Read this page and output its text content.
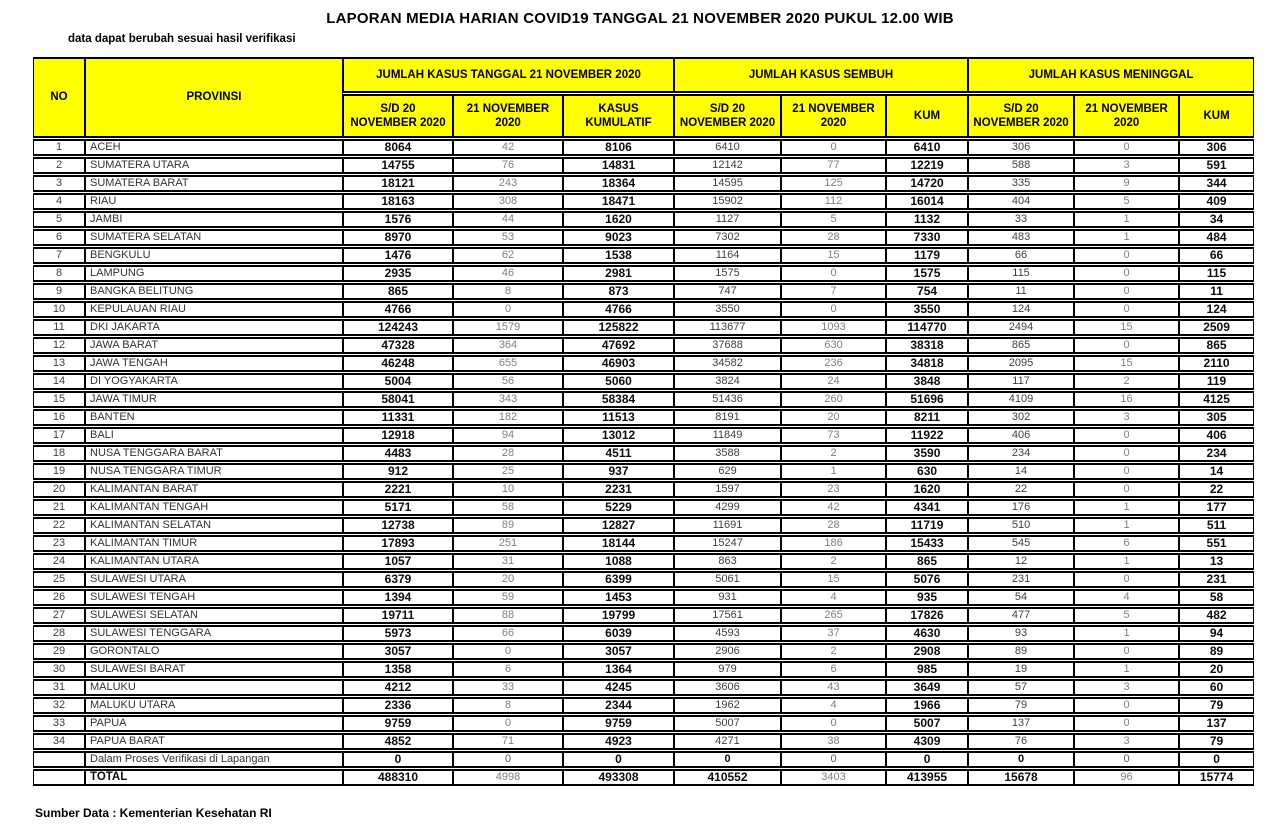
LAPORAN MEDIA HARIAN COVID19 TANGGAL 21 NOVEMBER 2020 PUKUL 12.00 WIB
data dapat berubah sesuai hasil verifikasi
NO	PROVINSI	JUMLAH KASUS TANGGAL 21 NOVEMBER 2020			JUMLAH KASUS SEMBUH			JUMLAH KASUS MENINGGAL		
		S/D 20 NOVEMBER 2020	21 NOVEMBER 2020	KASUS KUMULATIF	S/D 20 NOVEMBER 2020	21 NOVEMBER 2020	KUM	S/D 20 NOVEMBER 2020	21 NOVEMBER 2020	KUM
1	ACEH	8064	42	8106	6410	0	6410	306	0	306
2	SUMATERA UTARA	14755	76	14831	12142	77	12219	588	3	591
3	SUMATERA BARAT	18121	243	18364	14595	125	14720	335	9	344
4	RIAU	18163	308	18471	15902	112	16014	404	5	409
5	JAMBI	1576	44	1620	1127	5	1132	33	1	34
6	SUMATERA SELATAN	8970	53	9023	7302	28	7330	483	1	484
7	BENGKULU	1476	62	1538	1164	15	1179	66	0	66
8	LAMPUNG	2935	46	2981	1575	0	1575	115	0	115
9	BANGKA BELITUNG	865	8	873	747	7	754	11	0	11
10	KEPULAUAN RIAU	4766	0	4766	3550	0	3550	124	0	124
11	DKI JAKARTA	124243	1579	125822	113677	1093	114770	2494	15	2509
12	JAWA BARAT	47328	364	47692	37688	630	38318	865	0	865
13	JAWA TENGAH	46248	655	46903	34582	236	34818	2095	15	2110
14	DI YOGYAKARTA	5004	56	5060	3824	24	3848	117	2	119
15	JAWA TIMUR	58041	343	58384	51436	260	51696	4109	16	4125
16	BANTEN	11331	182	11513	8191	20	8211	302	3	305
17	BALI	12918	94	13012	11849	73	11922	406	0	406
18	NUSA TENGGARA BARAT	4483	28	4511	3588	2	3590	234	0	234
19	NUSA TENGGARA TIMUR	912	25	937	629	1	630	14	0	14
20	KALIMANTAN BARAT	2221	10	2231	1597	23	1620	22	0	22
21	KALIMANTAN TENGAH	5171	58	5229	4299	42	4341	176	1	177
22	KALIMANTAN SELATAN	12738	89	12827	11691	28	11719	510	1	511
23	KALIMANTAN TIMUR	17893	251	18144	15247	186	15433	545	6	551
24	KALIMANTAN UTARA	1057	31	1088	863	2	865	12	1	13
25	SULAWESI UTARA	6379	20	6399	5061	15	5076	231	0	231
26	SULAWESI TENGAH	1394	59	1453	931	4	935	54	4	58
27	SULAWESI SELATAN	19711	88	19799	17561	265	17826	477	5	482
28	SULAWESI TENGGARA	5973	66	6039	4593	37	4630	93	1	94
29	GORONTALO	3057	0	3057	2906	2	2908	89	0	89
30	SULAWESI BARAT	1358	6	1364	979	6	985	19	1	20
31	MALUKU	4212	33	4245	3606	43	3649	57	3	60
32	MALUKU UTARA	2336	8	2344	1962	4	1966	79	0	79
33	PAPUA	9759	0	9759	5007	0	5007	137	0	137
34	PAPUA BARAT	4852	71	4923	4271	38	4309	76	3	79
	Dalam Proses Verifikasi di Lapangan	0	0	0	0	0	0	0	0	0
	TOTAL	488310	4998	493308	410552	3403	413955	15678	96	15774
Sumber Data : Kementerian Kesehatan RI
